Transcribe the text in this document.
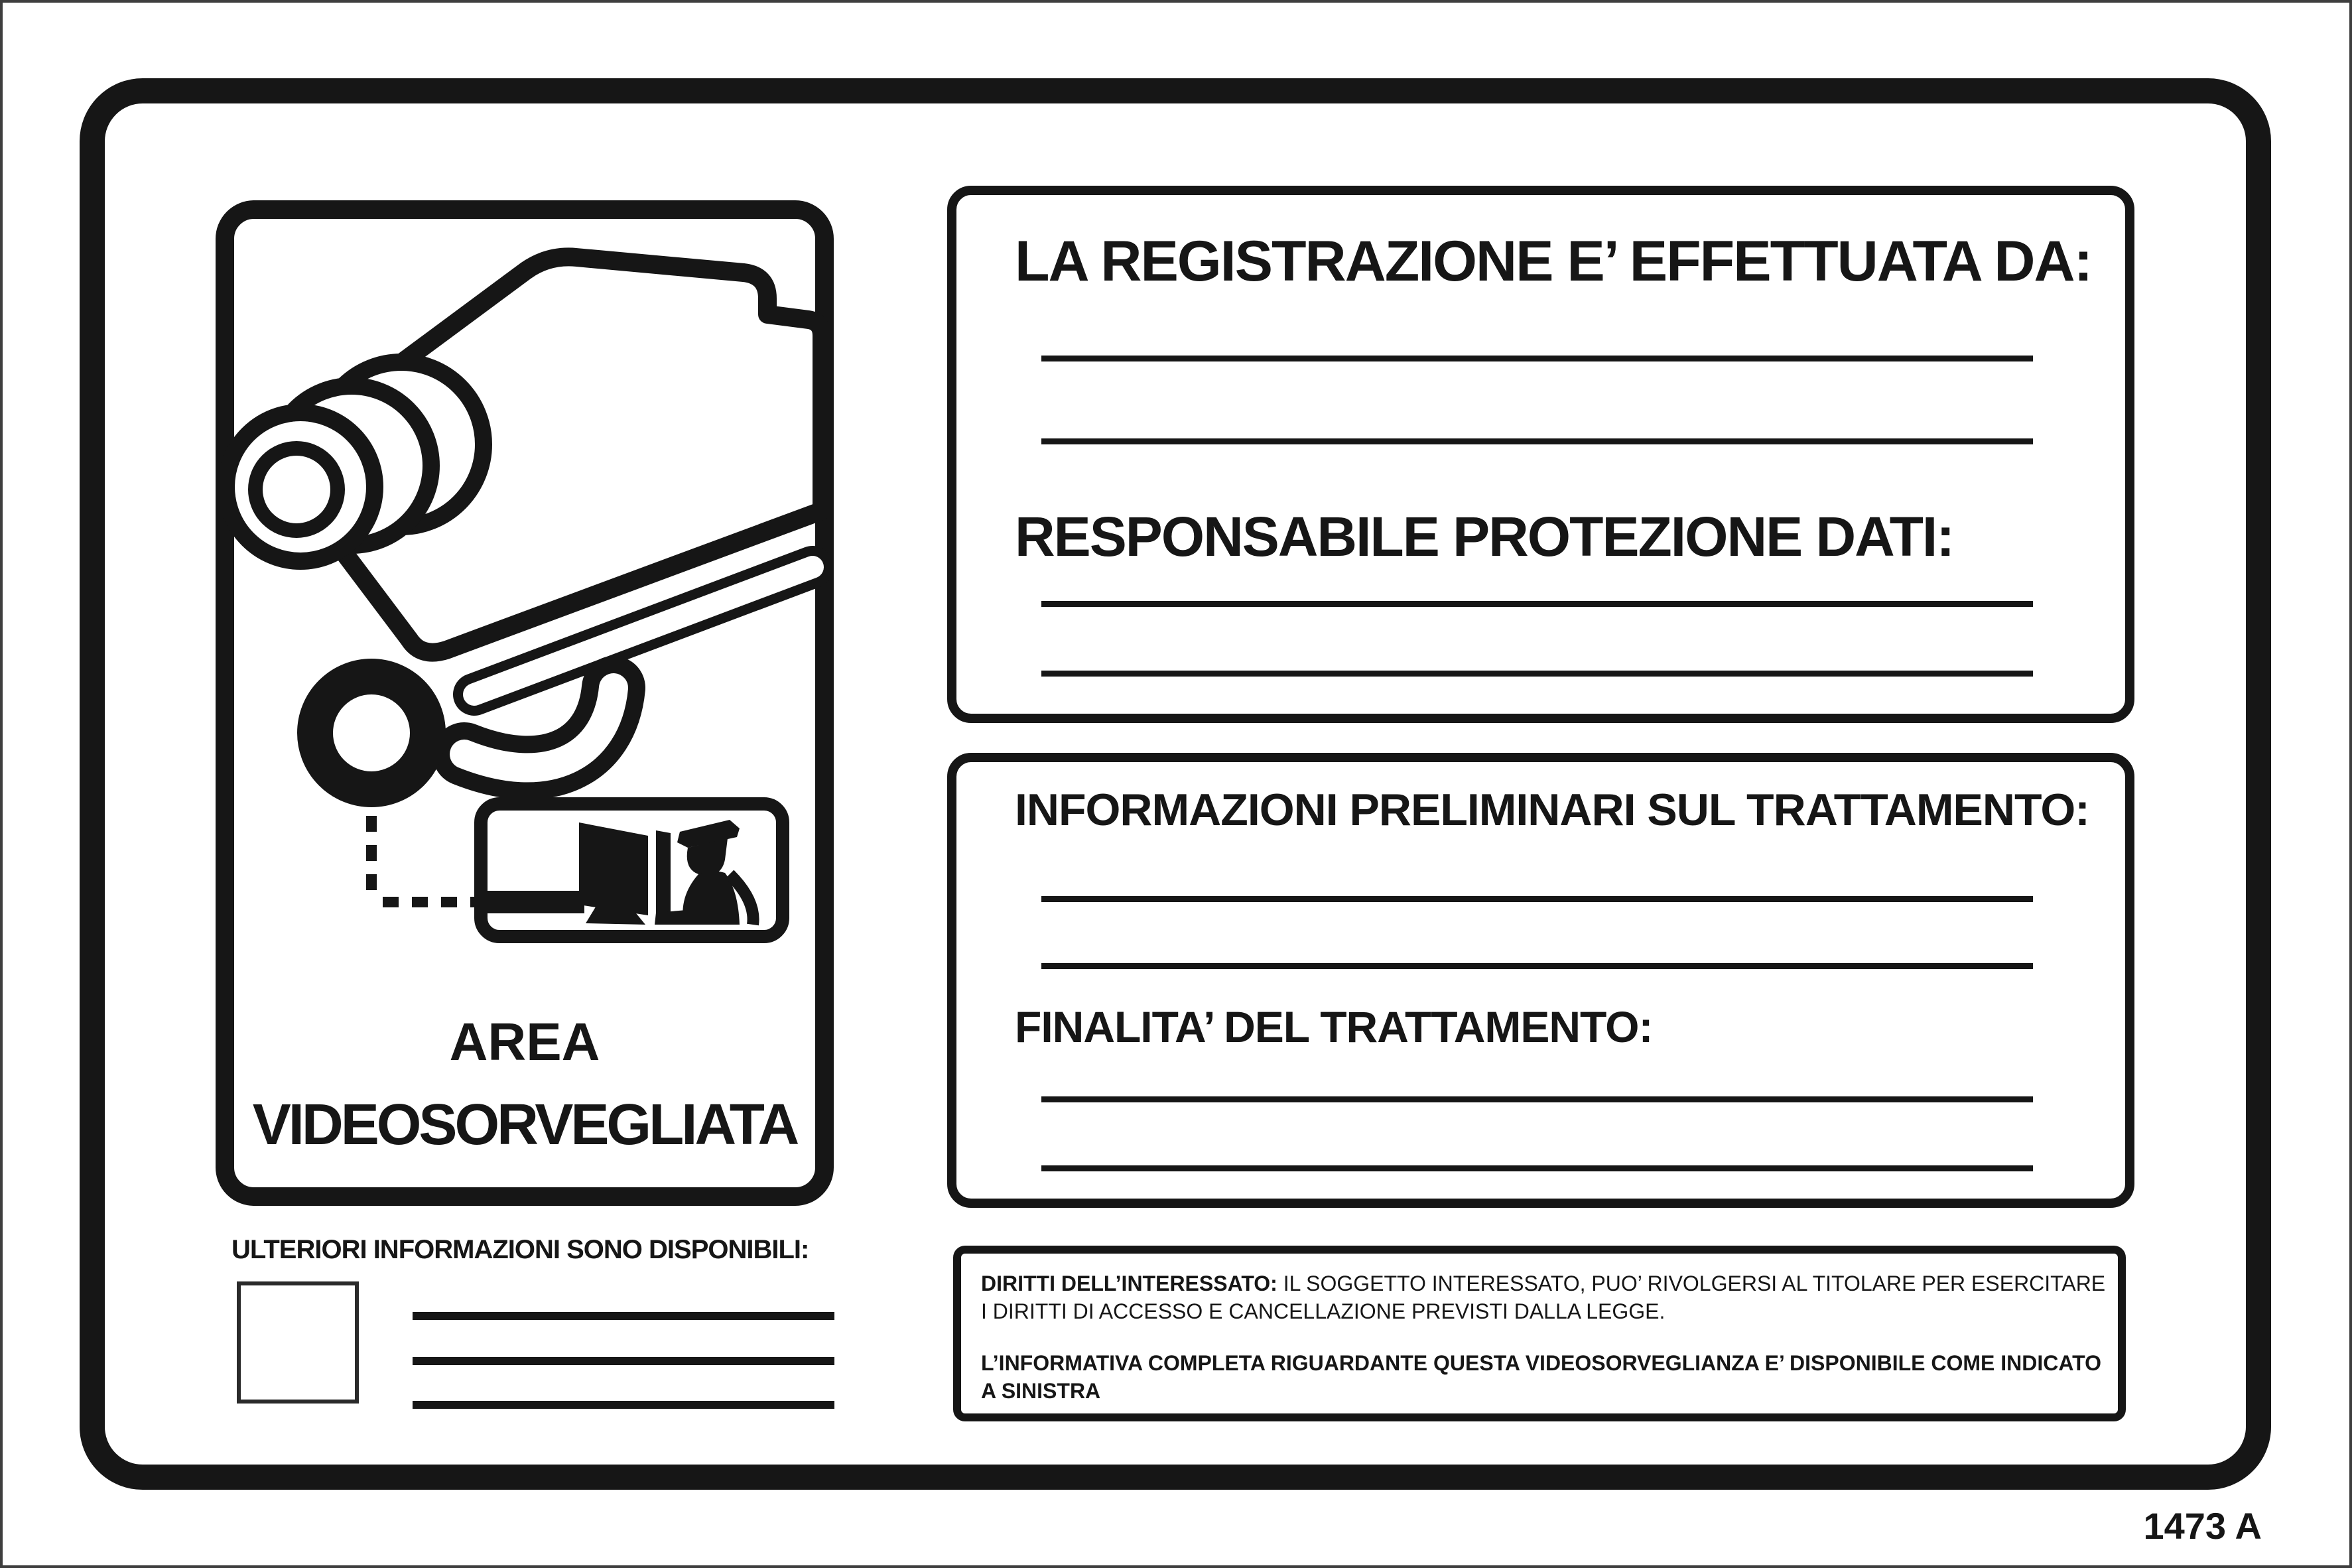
AREA
VIDEOSORVEGLIATA
ULTERIORI INFORMAZIONI SONO DISPONIBILI:
LA REGISTRAZIONE E’ EFFETTUATA DA:
RESPONSABILE PROTEZIONE DATI:
INFORMAZIONI PRELIMINARI SUL TRATTAMENTO:
FINALITA’ DEL TRATTAMENTO:
DIRITTI DELL’INTERESSATO: IL SOGGETTO INTERESSATO, PUO’ RIVOLGERSI AL TITOLARE PER ESERCITARE
I DIRITTI DI ACCESSO E CANCELLAZIONE PREVISTI DALLA LEGGE.
L’INFORMATIVA COMPLETA RIGUARDANTE QUESTA VIDEOSORVEGLIANZA E’ DISPONIBILE COME INDICATO
A SINISTRA
1473 A
